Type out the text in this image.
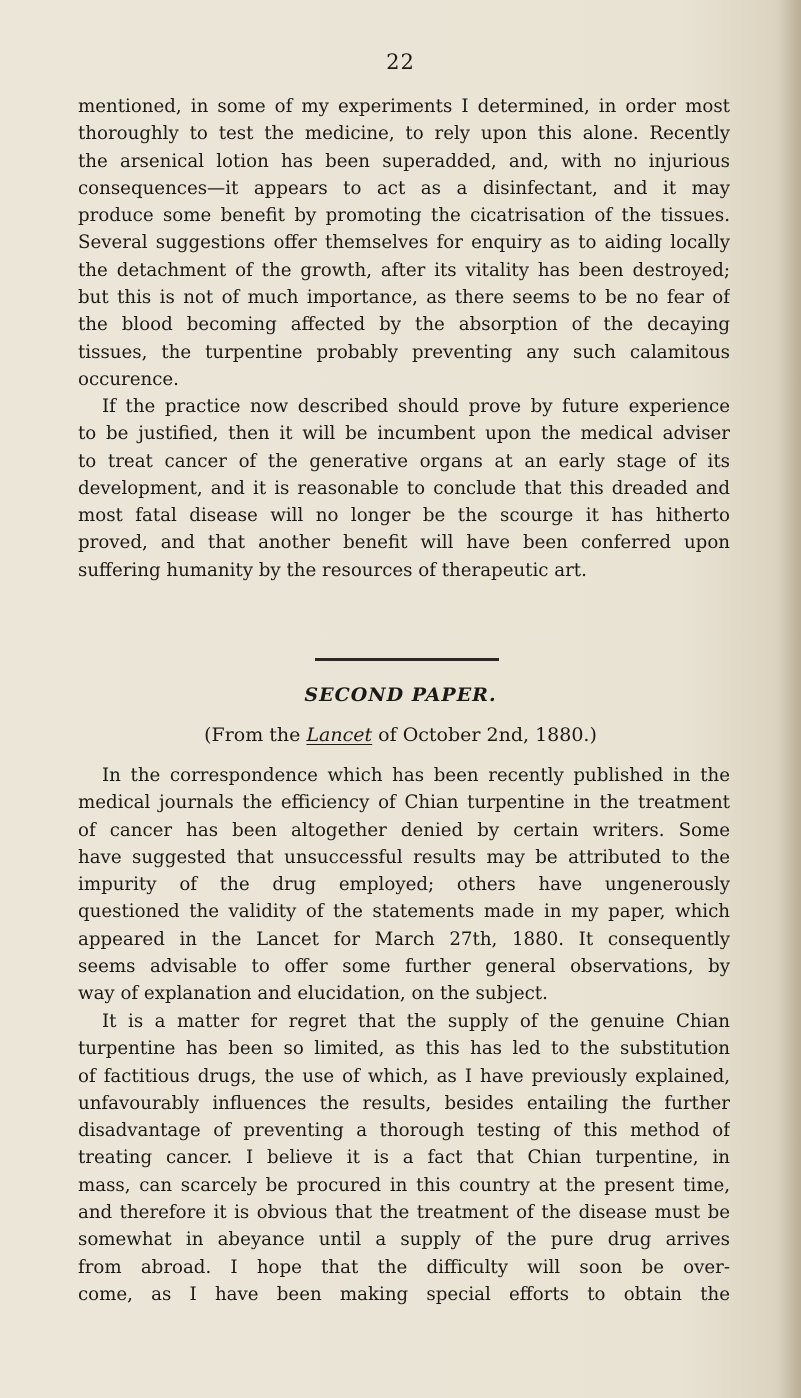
22
mentioned, in some of my experiments I determined, in order most
thoroughly to test the medicine, to rely upon this alone. Recently
the arsenical lotion has been superadded, and, with no injurious
consequences—it appears to act as a disinfectant, and it may
produce some benefit by promoting the cicatrisation of the tissues.
Several suggestions offer themselves for enquiry as to aiding locally
the detachment of the growth, after its vitality has been destroyed;
but this is not of much importance, as there seems to be no fear of
the blood becoming affected by the absorption of the decaying
tissues, the turpentine probably preventing any such calamitous
occurence.
If the practice now described should prove by future experience
to be justified, then it will be incumbent upon the medical adviser
to treat cancer of the generative organs at an early stage of its
development, and it is reasonable to conclude that this dreaded and
most fatal disease will no longer be the scourge it has hitherto
proved, and that another benefit will have been conferred upon
suffering humanity by the resources of therapeutic art.
SECOND PAPER.
(From the Lancet of October 2nd, 1880.)
In the correspondence which has been recently published in the
medical journals the efficiency of Chian turpentine in the treatment
of cancer has been altogether denied by certain writers. Some
have suggested that unsuccessful results may be attributed to the
impurity of the drug employed; others have ungenerously
questioned the validity of the statements made in my paper, which
appeared in the Lancet for March 27th, 1880. It consequently
seems advisable to offer some further general observations, by
way of explanation and elucidation, on the subject.
It is a matter for regret that the supply of the genuine Chian
turpentine has been so limited, as this has led to the substitution
of factitious drugs, the use of which, as I have previously explained,
unfavourably influences the results, besides entailing the further
disadvantage of preventing a thorough testing of this method of
treating cancer. I believe it is a fact that Chian turpentine, in
mass, can scarcely be procured in this country at the present time,
and therefore it is obvious that the treatment of the disease must be
somewhat in abeyance until a supply of the pure drug arrives
from abroad. I hope that the difficulty will soon be over-
come, as I have been making special efforts to obtain the
